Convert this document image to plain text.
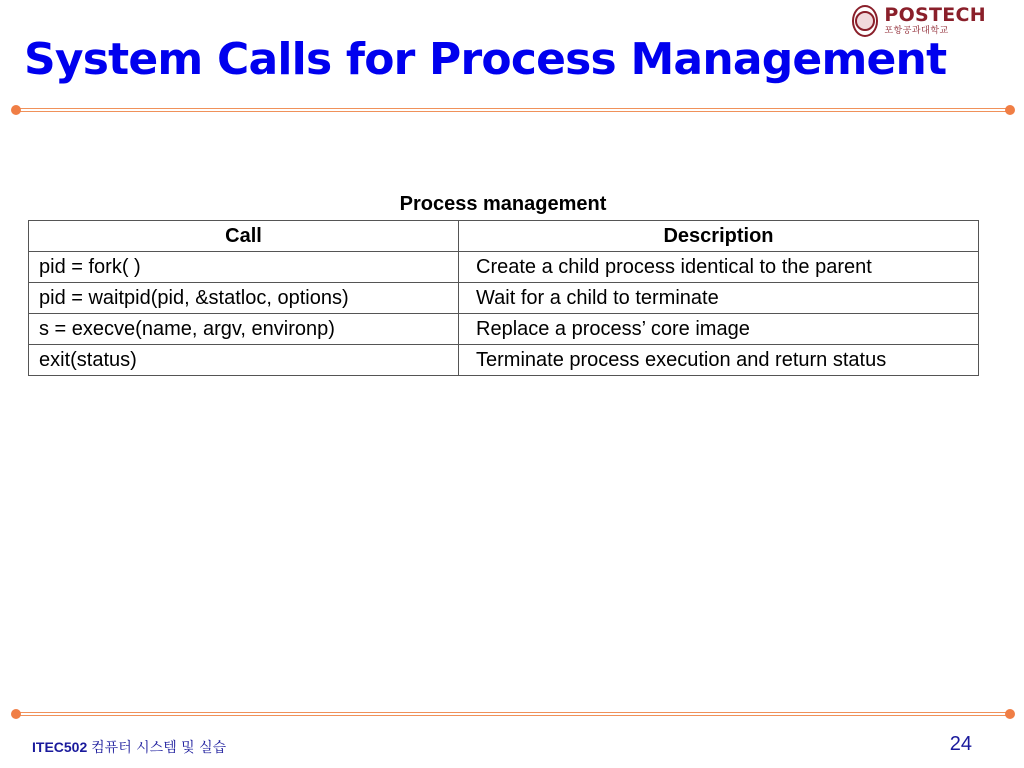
POSTECH
포항공과대학교
System Calls for Process Management
Process management
Call	Description
pid = fork( )	Create a child process identical to the parent
pid = waitpid(pid, &statloc, options)	Wait for a child to terminate
s = execve(name, argv, environp)	Replace a process’ core image
exit(status)	Terminate process execution and return status
ITEC502 컴퓨터 시스템 및 실습	24
